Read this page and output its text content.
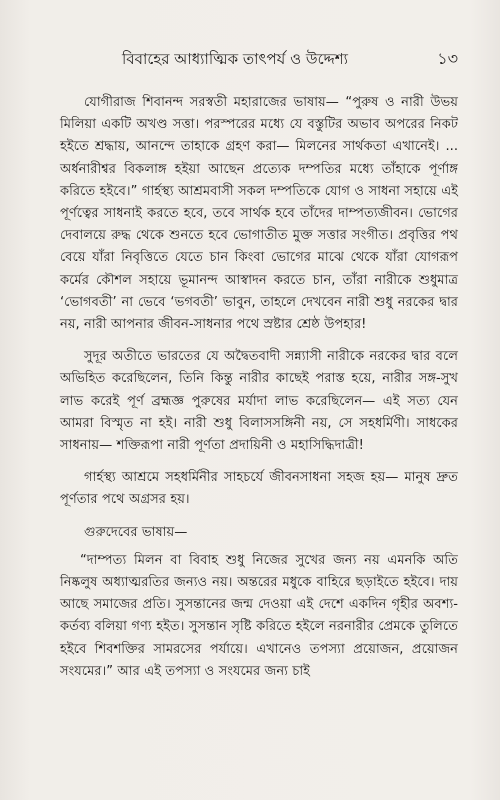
বিবাহের আধ্যাত্মিক তাৎপর্য ও উদ্দেশ্য	১৩

যোগীরাজ শিবানন্দ সরস্বতী মহারাজের ভাষায়— “পুরুষ ও নারী উভয় মিলিয়া একটি অখণ্ড সত্তা। পরস্পরের মধ্যে যে বস্তুটির অভাব অপরের নিকট হইতে শ্রদ্ধায়, আনন্দে তাহাকে গ্রহণ করা— মিলনের সার্থকতা এখানেই। ... অর্ধনারীশ্বর বিকলাঙ্গ হইয়া আছেন প্রত্যেক দম্পতির মধ্যে তাঁহাকে পূর্ণাঙ্গ করিতে হইবে।” গার্হস্থ্য আশ্রমবাসী সকল দম্পতিকে যোগ ও সাধনা সহায়ে এই পূর্ণত্বের সাধনাই করতে হবে, তবে সার্থক হবে তাঁদের দাম্পত্যজীবন। ভোগের দেবালয়ে রুদ্ধ থেকে শুনতে হবে ভোগাতীত মুক্ত সত্তার সংগীত। প্রবৃত্তির পথ বেয়ে যাঁরা নিবৃত্তিতে যেতে চান কিংবা ভোগের মাঝে থেকে যাঁরা যোগরূপ কর্মের কৌশল সহায়ে ভূমানন্দ আস্বাদন করতে চান, তাঁরা নারীকে শুধুমাত্র ‘ভোগবতী’ না ভেবে ‘ভগবতী’ ভাবুন, তাহলে দেখবেন নারী শুধু নরকের দ্বার নয়, নারী আপনার জীবন-সাধনার পথে স্রষ্টার শ্রেষ্ঠ উপহার!

সুদূর অতীতে ভারতের যে অদ্বৈতবাদী সন্ন্যাসী নারীকে নরকের দ্বার বলে অভিহিত করেছিলেন, তিনি কিন্তু নারীর কাছেই পরাস্ত হয়ে, নারীর সঙ্গ-সুখ লাভ করেই পূর্ণ ব্রহ্মজ্ঞ পুরুষের মর্যাদা লাভ করেছিলেন— এই সত্য যেন আমরা বিস্মৃত না হই। নারী শুধু বিলাসসঙ্গিনী নয়, সে সহধর্মিণী। সাধকের সাধনায়— শক্তিরূপা নারী পূর্ণতা প্রদায়িনী ও মহাসিদ্ধিদাত্রী!

গার্হস্থ্য আশ্রমে সহধর্মিনীর সাহচর্যে জীবনসাধনা সহজ হয়— মানুষ দ্রুত পূর্ণতার পথে অগ্রসর হয়।

গুরুদেবের ভাষায়—

“দাম্পত্য মিলন বা বিবাহ শুধু নিজের সুখের জন্য নয় এমনকি অতি নিষ্কলুষ অধ্যাত্মরতির জন্যও নয়। অন্তরের মধুকে বাহিরে ছড়াইতে হইবে। দায় আছে সমাজের প্রতি। সুসন্তানের জন্ম দেওয়া এই দেশে একদিন গৃহীর অবশ্য-কর্তব্য বলিয়া গণ্য হইত। সুসন্তান সৃষ্টি করিতে হইলে নরনারীর প্রেমকে তুলিতে হইবে শিবশক্তির সামরসের পর্যায়ে। এখানেও তপস্যা প্রয়োজন, প্রয়োজন সংযমের।” আর এই তপস্যা ও সংযমের জন্য চাই
